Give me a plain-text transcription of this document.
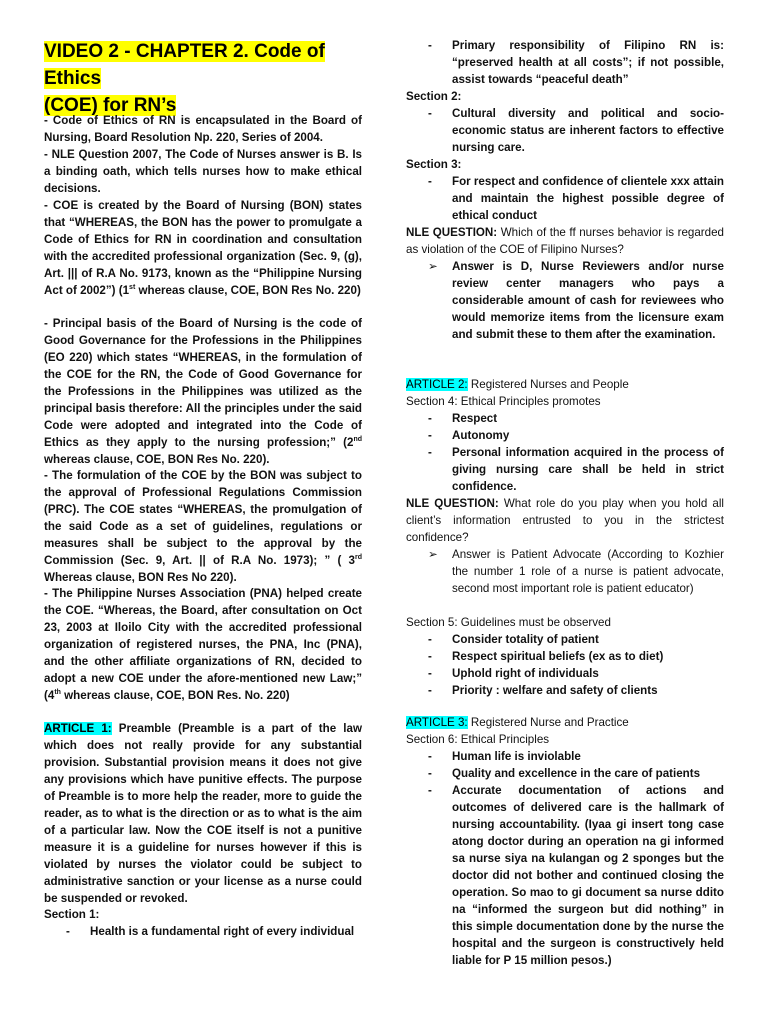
VIDEO 2 - CHAPTER 2. Code of Ethics
(COE) for RN’s

- Code of Ethics of RN is encapsulated in the Board of Nursing, Board Resolution Np. 220, Series of 2004.

- NLE Question 2007, The Code of Nurses answer is B. Is a binding oath, which tells nurses how to make ethical decisions.

- COE is created by the Board of Nursing (BON) states that “WHEREAS, the BON has the power to promulgate a Code of Ethics for RN in coordination and consultation with the accredited professional organization (Sec. 9, (g), Art. ||| of R.A No. 9173, known as the “Philippine Nursing Act of 2002”) (1st whereas clause, COE, BON Res No. 220)

- Principal basis of the Board of Nursing is the code of Good Governance for the Professions in the Philippines (EO 220) which states “WHEREAS, in the formulation of the COE for the RN, the Code of Good Governance for the Professions in the Philippines was utilized as the principal basis therefore: All the principles under the said Code were adopted and integrated into the Code of Ethics as they apply to the nursing profession;” (2nd whereas clause, COE, BON Res No. 220).

- The formulation of the COE by the BON was subject to the approval of Professional Regulations Commission (PRC). The COE states “WHEREAS, the promulgation of the said Code as a set of guidelines, regulations or measures shall be subject to the approval by the Commission (Sec. 9, Art. || of R.A No. 1973); ” ( 3rd Whereas clause, BON Res No 220).

- The Philippine Nurses Association (PNA) helped create the COE. “Whereas, the Board, after consultation on Oct 23, 2003 at Iloilo City with the accredited professional organization of registered nurses, the PNA, Inc (PNA), and the other affiliate organizations of RN, decided to adopt a new COE under the afore-mentioned new Law;” (4th whereas clause, COE, BON Res. No. 220)

ARTICLE 1: Preamble (Preamble is a part of the law which does not really provide for any substantial provision. Substantial provision means it does not give any provisions which have punitive effects. The purpose of Preamble is to more help the reader, more to guide the reader, as to what is the direction or as to what is the aim of a particular law. Now the COE itself is not a punitive measure it is a guideline for nurses however if this is violated by nurses the violator could be subject to administrative sanction or your license as a nurse could be suspended or revoked.

Section 1:

-	Health is a fundamental right of every individual
-	Primary responsibility of Filipino RN is: “preserved health at all costs”; if not possible, assist towards “peaceful death”

Section 2:

-	Cultural diversity and political and socio-economic status are inherent factors to effective nursing care.

Section 3:

-	For respect and confidence of clientele xxx attain and maintain the highest possible degree of ethical conduct

NLE QUESTION: Which of the ff nurses behavior is regarded as violation of the COE of Filipino Nurses?

➢	Answer is D, Nurse Reviewers and/or nurse review center managers who pays a considerable amount of cash for reviewees who would memorize items from the licensure exam and submit these to them after the examination.

ARTICLE 2: Registered Nurses and People

Section 4: Ethical Principles promotes

-	Respect
-	Autonomy
-	Personal information acquired in the process of giving nursing care shall be held in strict confidence.

NLE QUESTION: What role do you play when you hold all client’s information entrusted to you in the strictest confidence?

➢	Answer is Patient Advocate (According to Kozhier the number 1 role of a nurse is patient advocate, second most important role is patient educator)

Section 5: Guidelines must be observed

-	Consider totality of patient
-	Respect spiritual beliefs (ex as to diet)
-	Uphold right of individuals
-	Priority : welfare and safety of clients

ARTICLE 3: Registered Nurse and Practice

Section 6: Ethical Principles

-	Human life is inviolable
-	Quality and excellence in the care of patients
-	Accurate documentation of actions and outcomes of delivered care is the hallmark of nursing accountability. (Iyaa gi insert tong case atong doctor during an operation na gi informed sa nurse siya na kulangan og 2 sponges but the doctor did not bother and continued closing the operation. So mao to gi document sa nurse ddito na “informed the surgeon but did nothing” in this simple documentation done by the nurse the hospital and the surgeon is constructively held liable for P 15 million pesos.)
